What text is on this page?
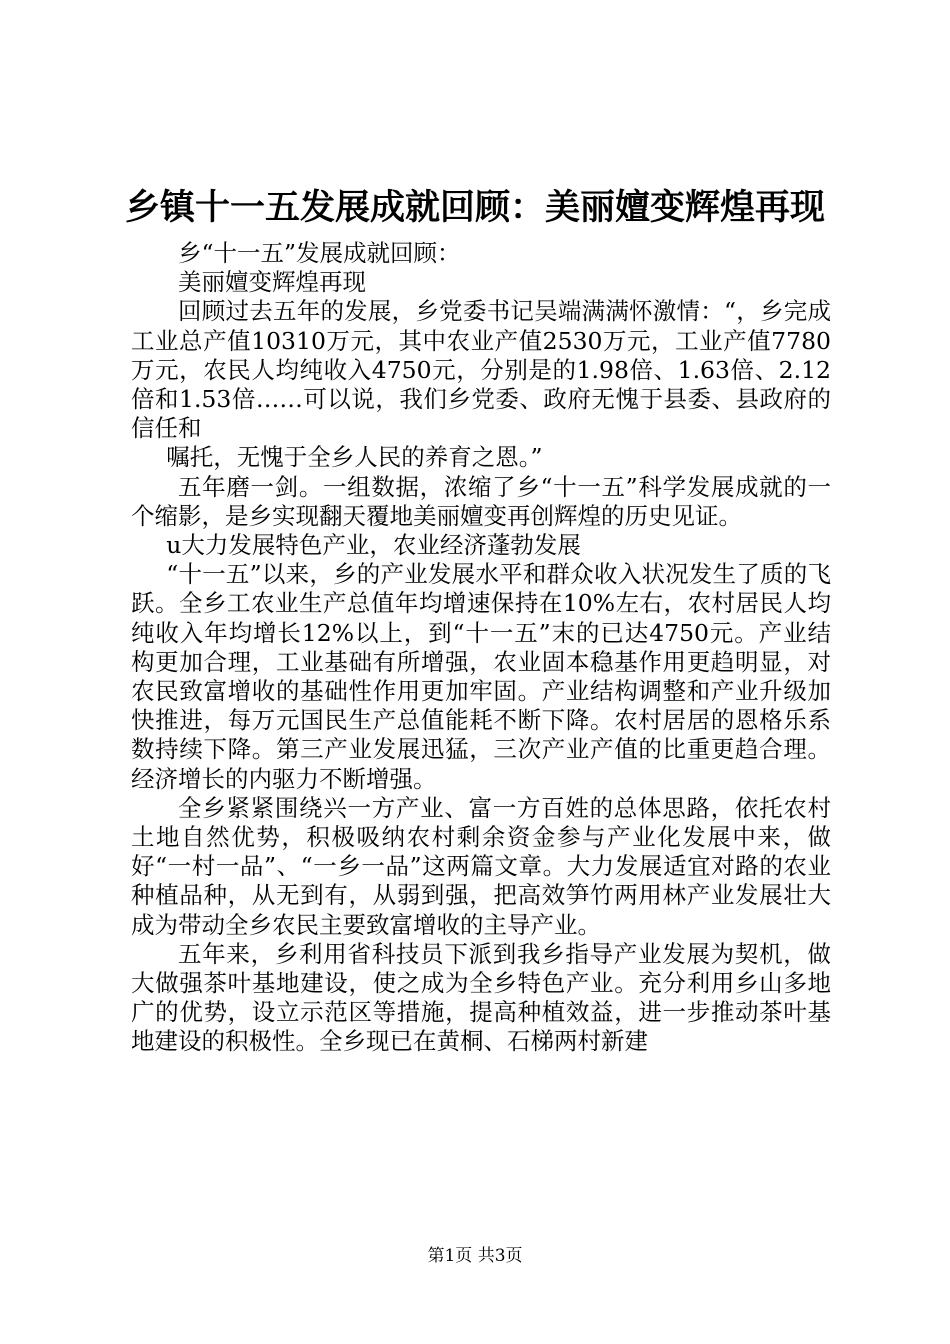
乡镇十一五发展成就回顾：美丽嬗变辉煌再现

乡“十一五”发展成就回顾：

美丽嬗变辉煌再现

回顾过去五年的发展，乡党委书记吴端满满怀激情：“，乡完成工业总产值10310万元，其中农业产值2530万元，工业产值7780万元，农民人均纯收入4750元，分别是的1.98倍、1.63倍、2.12倍和1.53倍……可以说，我们乡党委、政府无愧于县委、县政府的信任和

嘱托，无愧于全乡人民的养育之恩。”

五年磨一剑。一组数据，浓缩了乡“十一五”科学发展成就的一个缩影，是乡实现翻天覆地美丽嬗变再创辉煌的历史见证。

u大力发展特色产业，农业经济蓬勃发展

“十一五”以来，乡的产业发展水平和群众收入状况发生了质的飞跃。全乡工农业生产总值年均增速保持在10%左右，农村居民人均纯收入年均增长12%以上，到“十一五”末的已达4750元。产业结构更加合理，工业基础有所增强，农业固本稳基作用更趋明显，对农民致富增收的基础性作用更加牢固。产业结构调整和产业升级加快推进，每万元国民生产总值能耗不断下降。农村居居的恩格乐系数持续下降。第三产业发展迅猛，三次产业产值的比重更趋合理。经济增长的内驱力不断增强。

全乡紧紧围绕兴一方产业、富一方百姓的总体思路，依托农村土地自然优势，积极吸纳农村剩余资金参与产业化发展中来，做好“一村一品”、“一乡一品”这两篇文章。大力发展适宜对路的农业种植品种，从无到有，从弱到强，把高效笋竹两用林产业发展壮大成为带动全乡农民主要致富增收的主导产业。

五年来，乡利用省科技员下派到我乡指导产业发展为契机，做大做强茶叶基地建设，使之成为全乡特色产业。充分利用乡山多地广的优势，设立示范区等措施，提高种植效益，进一步推动茶叶基地建设的积极性。全乡现已在黄桐、石梯两村新建

第1页 共3页
